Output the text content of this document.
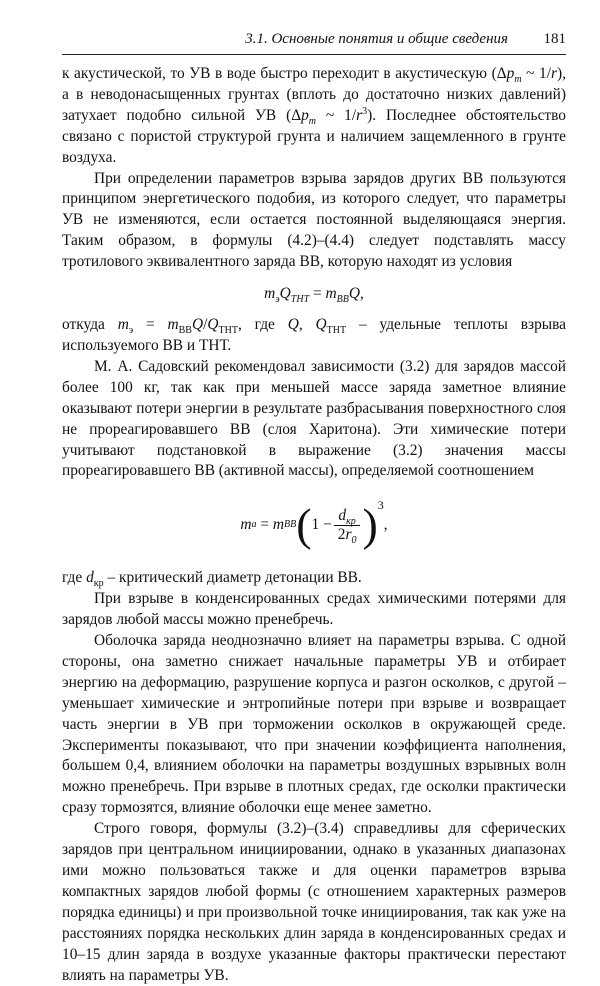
3.1. Основные понятия и общие сведения 181

к акустической, то УВ в воде быстро переходит в акустическую ($\Delta p_m$ ~ 1/r), а в неводонасыщенных грунтах (вплоть до достаточно низких давлений) затухает подобно сильной УВ ($\Delta p_m$ ~ $1/r^3$). Последнее обстоятельство связано с пористой структурой грунта и наличием защемленного в грунте воздуха.

При определении параметров взрыва зарядов других ВВ пользуются принципом энергетического подобия, из которого следует, что параметры УВ не изменяются, если остается постоянной выделяющаяся энергия. Таким образом, в формулы (4.2)–(4.4) следует подставлять массу тротилового эквивалентного заряда ВВ, которую находят из условия

$m_эQ_{ТНТ} = m_{ВВ}Q$,

откуда $m_э = m_{ВВ}Q/Q_{ТНТ}$, где Q, $Q_{ТНТ}$ – удельные теплоты взрыва используемого ВВ и ТНТ.

М. А. Садовский рекомендовал зависимости (3.2) для зарядов массой более 100 кг, так как при меньшей массе заряда заметное влияние оказывают потери энергии в результате разбрасывания поверхностного слоя не прореагировавшего ВВ (слоя Харитона). Эти химические потери учитывают подстановкой в выражение (3.2) значения массы прореагировавшего ВВ (активной массы), определяемой соотношением

m а
=
m ВВ ( $1 - \frac{d_{кр}}{2r_0}$ ) 3
,

где $d_{кр}$ – критический диаметр детонации ВВ.

При взрыве в конденсированных средах химическими потерями для зарядов любой массы можно пренебречь.

Оболочка заряда неоднозначно влияет на параметры взрыва. С одной стороны, она заметно снижает начальные параметры УВ и отбирает энергию на деформацию, разрушение корпуса и разгон осколков, с другой – уменьшает химические и энтропийные потери при взрыве и возвращает часть энергии в УВ при торможении осколков в окружающей среде. Эксперименты показывают, что при значении коэффициента наполнения, большем 0,4, влиянием оболочки на параметры воздушных взрывных волн можно пренебречь. При взрыве в плотных средах, где осколки практически сразу тормозятся, влияние оболочки еще менее заметно.

Строго говоря, формулы (3.2)–(3.4) справедливы для сферических зарядов при центральном инициировании, однако в указанных диапазонах ими можно пользоваться также и для оценки параметров взрыва компактных зарядов любой формы (с отношением характерных размеров порядка единицы) и при произвольной точке инициирования, так как уже на расстояниях порядка нескольких длин заряда в конденсированных средах и 10–15 длин заряда в воздухе указанные факторы практически перестают влиять на параметры УВ.
